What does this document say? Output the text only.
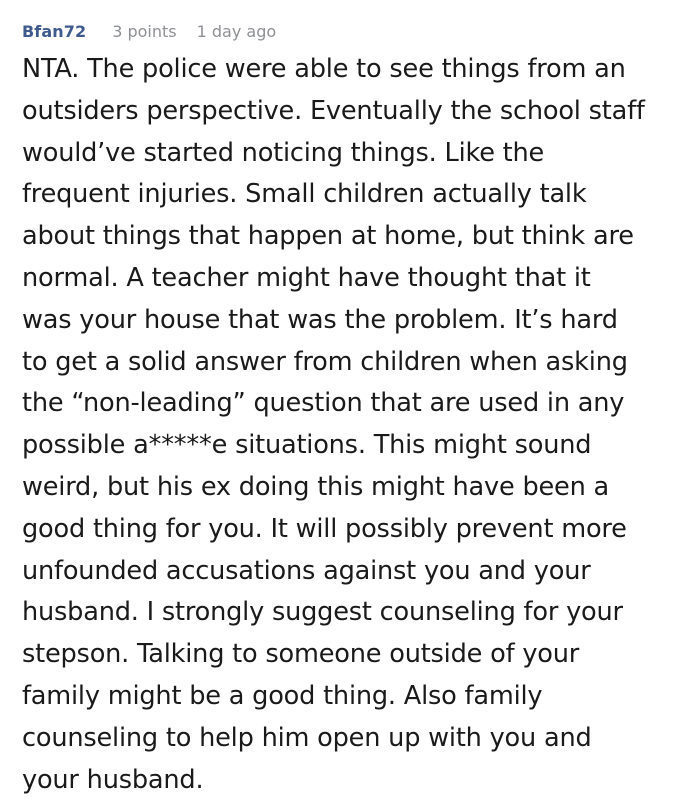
Bfan72 3 points 1 day ago

NTA. The police were able to see things from an
outsiders perspective. Eventually the school staff
would’ve started noticing things. Like the
frequent injuries. Small children actually talk
about things that happen at home, but think are
normal. A teacher might have thought that it
was your house that was the problem. It’s hard
to get a solid answer from children when asking
the “non-leading” question that are used in any
possible a*****e situations. This might sound
weird, but his ex doing this might have been a
good thing for you. It will possibly prevent more
unfounded accusations against you and your
husband. I strongly suggest counseling for your
stepson. Talking to someone outside of your
family might be a good thing. Also family
counseling to help him open up with you and
your husband.
